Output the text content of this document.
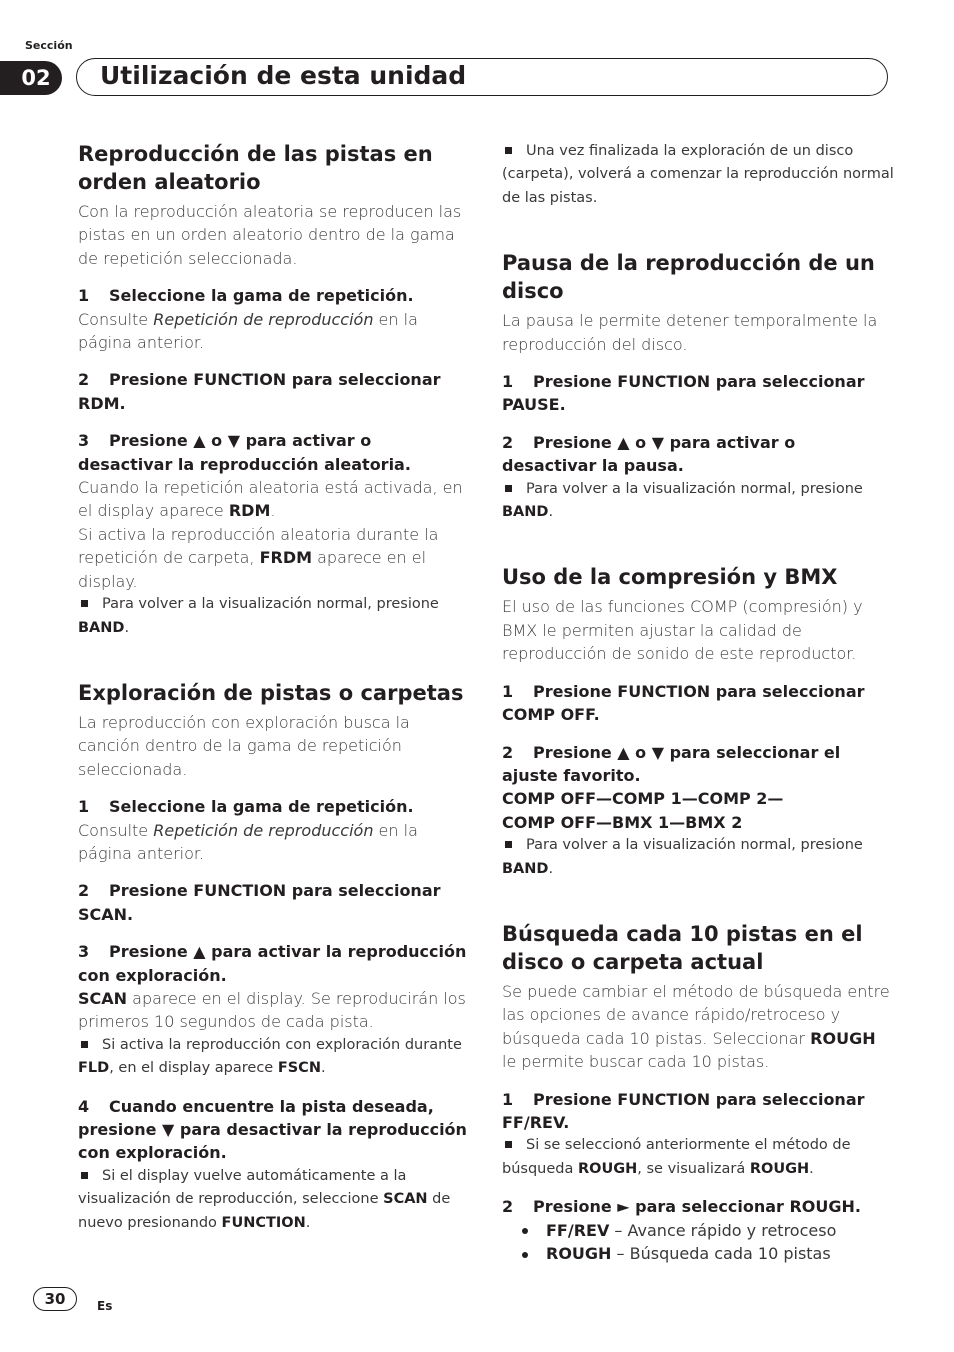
Sección
02	Utilización de esta unidad
Reproducción de las pistas en orden aleatorio

Con la reproducción aleatoria se reproducen las pistas en un orden aleatorio dentro de la gama de repetición seleccionada.

1 Seleccione la gama de repetición.

Consulte Repetición de reproducción en la página anterior.

2 Presione FUNCTION para seleccionar RDM.
3 Presione ▲ o ▼ para activar o desactivar la reproducción aleatoria.

Cuando la repetición aleatoria está activada, en el display aparece RDM.

Si activa la reproducción aleatoria durante la repetición de carpeta, FRDM aparece en el display.

Para volver a la visualización normal, presione BAND.
Exploración de pistas o carpetas

La reproducción con exploración busca la canción dentro de la gama de repetición seleccionada.

1 Seleccione la gama de repetición.

Consulte Repetición de reproducción en la página anterior.

2 Presione FUNCTION para seleccionar SCAN.
3 Presione ▲ para activar la reproducción con exploración.

SCAN aparece en el display. Se reproducirán los primeros 10 segundos de cada pista.

Si activa la reproducción con exploración durante FLD, en el display aparece FSCN.
4 Cuando encuentre la pista deseada, presione ▼ para desactivar la reproducción con exploración.
Si el display vuelve automáticamente a la visualización de reproducción, seleccione SCAN de nuevo presionando FUNCTION.
Una vez finalizada la exploración de un disco (carpeta), volverá a comenzar la reproducción normal de las pistas.
Pausa de la reproducción de un disco

La pausa le permite detener temporalmente la reproducción del disco.

1 Presione FUNCTION para seleccionar PAUSE.
2 Presione ▲ o ▼ para activar o desactivar la pausa.
Para volver a la visualización normal, presione BAND.
Uso de la compresión y BMX

El uso de las funciones COMP (compresión) y BMX le permiten ajustar la calidad de reproducción de sonido de este reproductor.

1 Presione FUNCTION para seleccionar COMP OFF.
2 Presione ▲ o ▼ para seleccionar el ajuste favorito.
COMP OFF—COMP 1—COMP 2—
COMP OFF—BMX 1—BMX 2
Para volver a la visualización normal, presione BAND.
Búsqueda cada 10 pistas en el disco o carpeta actual

Se puede cambiar el método de búsqueda entre las opciones de avance rápido/retroceso y búsqueda cada 10 pistas. Seleccionar ROUGH le permite buscar cada 10 pistas.

1 Presione FUNCTION para seleccionar FF/REV.
Si se seleccionó anteriormente el método de búsqueda ROUGH, se visualizará ROUGH.
2 Presione ► para seleccionar ROUGH.
FF/REV – Avance rápido y retroceso
ROUGH – Búsqueda cada 10 pistas
30	Es
